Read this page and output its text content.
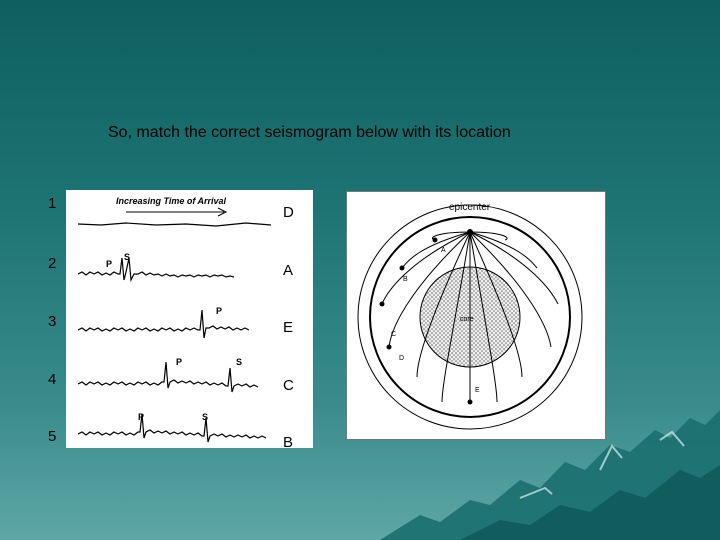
So, match the correct seismogram below with its location
Increasing Time of Arrival
P
S
P
P	S
P	S
1
2
3
4
5
D
A
E
C
B
core
epicenter
A
B
C
D
E
